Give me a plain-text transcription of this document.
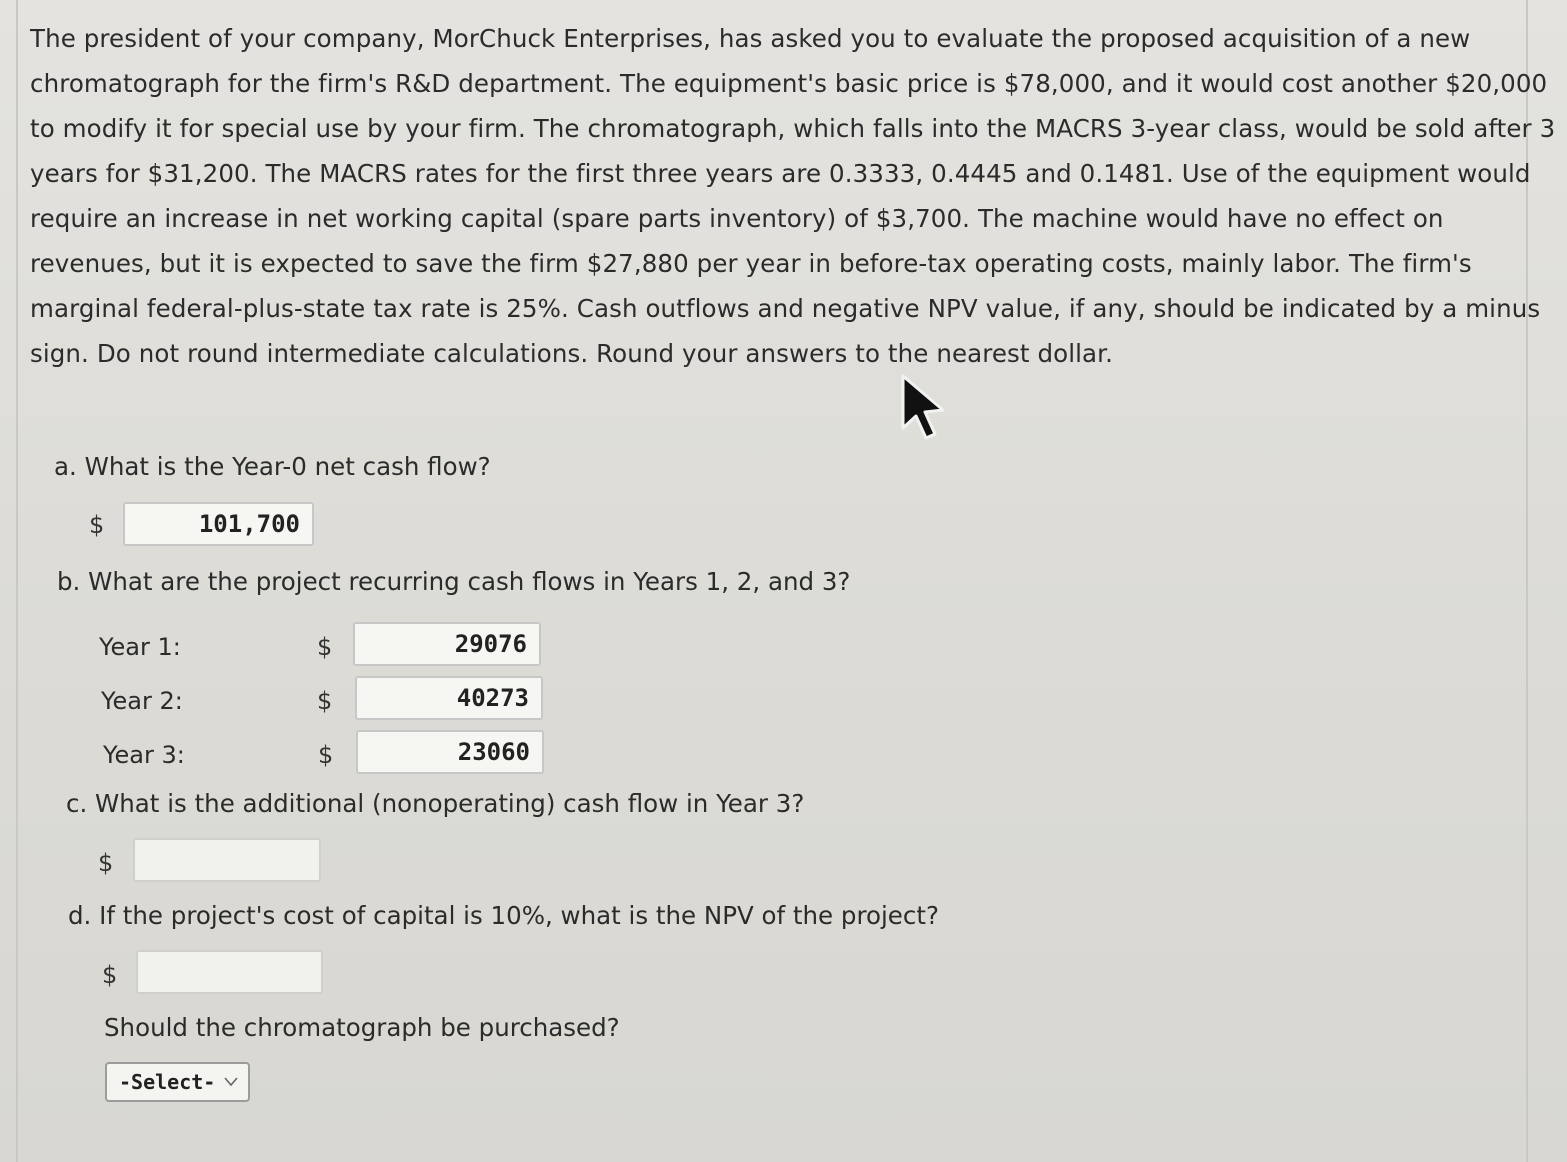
The president of your company, MorChuck Enterprises, has asked you to evaluate the proposed acquisition of a new chromatograph for the firm's R&D department. The equipment's basic price is $78,000, and it would cost another $20,000 to modify it for special use by your firm. The chromatograph, which falls into the MACRS 3-year class, would be sold after 3 years for $31,200. The MACRS rates for the first three years are 0.3333, 0.4445 and 0.1481. Use of the equipment would require an increase in net working capital (spare parts inventory) of $3,700. The machine would have no effect on revenues, but it is expected to save the firm $27,880 per year in before-tax operating costs, mainly labor. The firm's marginal federal-plus-state tax rate is 25%. Cash outflows and negative NPV value, if any, should be indicated by a minus sign. Do not round intermediate calculations. Round your answers to the nearest dollar.
a. What is the Year-0 net cash flow?
$	101,700
b. What are the project recurring cash flows in Years 1, 2, and 3?
Year 1:	$	29076
Year 2:	$	40273
Year 3:	$	23060
c. What is the additional (nonoperating) cash flow in Year 3?
$
d. If the project's cost of capital is 10%, what is the NPV of the project?
$
Should the chromatograph be purchased?
-Select-
